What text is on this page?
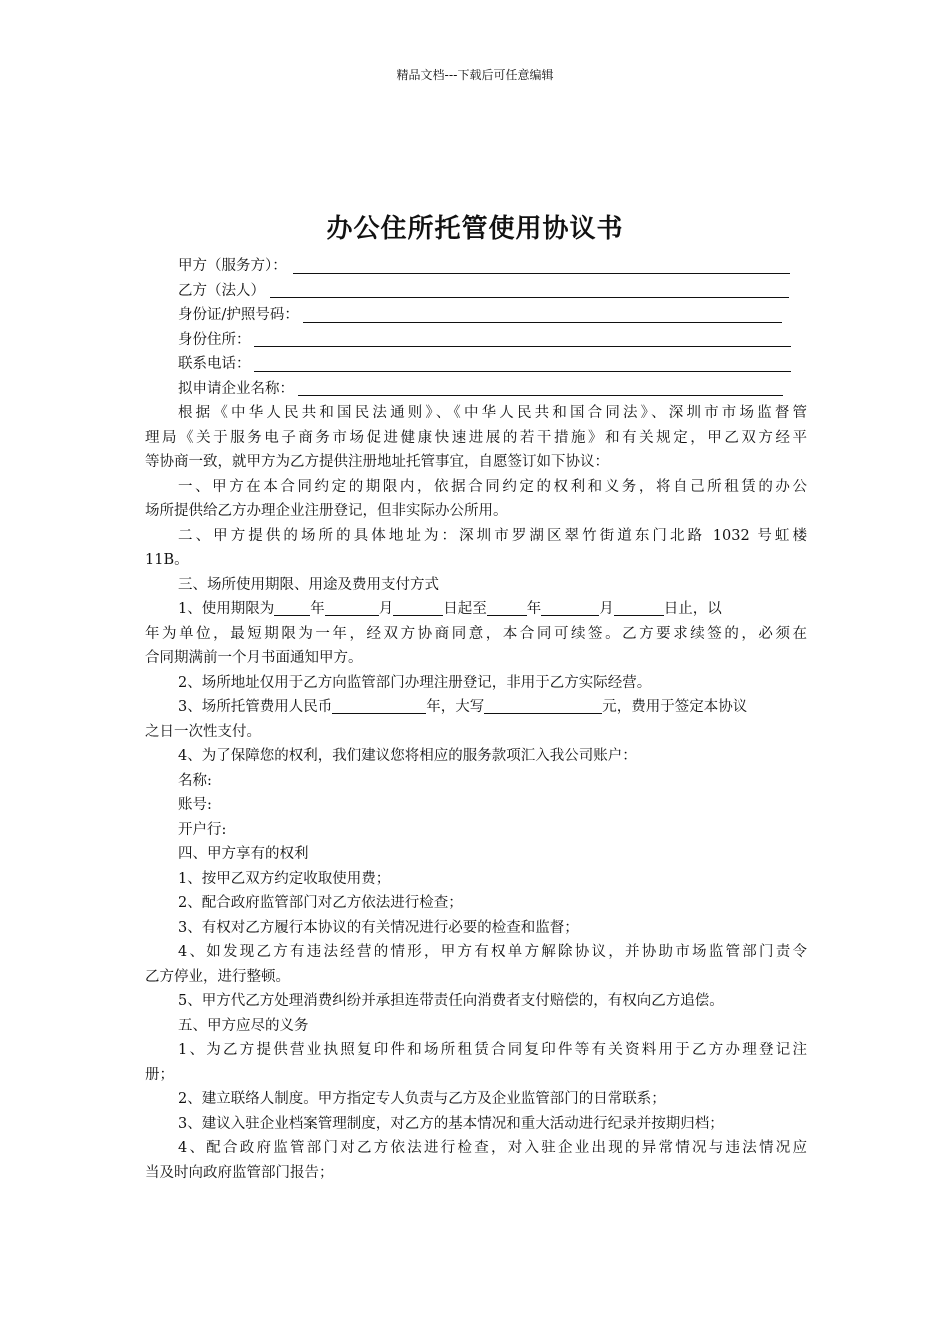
精品文档---下载后可任意编辑
办公住所托管使用协议书
甲方（服务方）：
乙方（法人）
身份证/护照号码：
身份住所：
联系电话：
拟申请企业名称：
根据《中华人民共和国民法通则》、《中华人民共和国合同法》、深圳市市场监督管
理局《关于服务电子商务市场促进健康快速进展的若干措施》和有关规定，甲乙双方经平
等协商一致，就甲方为乙方提供注册地址托管事宜，自愿签订如下协议：
一、甲方在本合同约定的期限内，依据合同约定的权利和义务，将自己所租赁的办公
场所提供给乙方办理企业注册登记，但非实际办公所用。
二、甲方提供的场所的具体地址为：深圳市罗湖区翠竹街道东门北路 1032 号虹楼
11B。
三、场所使用期限、用途及费用支付方式
1、使用期限为 年	月	日起至	年	月	日止，以
年为单位，最短期限为一年，经双方协商同意，本合同可续签。乙方要求续签的，必须在
合同期满前一个月书面通知甲方。
2、场所地址仅用于乙方向监管部门办理注册登记，非用于乙方实际经营。
3、场所托管费用人民币	年，大写	元，费用于签定本协议
之日一次性支付。
4、为了保障您的权利，我们建议您将相应的服务款项汇入我公司账户：
名称:
账号:
开户行:
四、甲方享有的权利
1、按甲乙双方约定收取使用费；
2、配合政府监管部门对乙方依法进行检查；
3、有权对乙方履行本协议的有关情况进行必要的检查和监督；
4、如发现乙方有违法经营的情形，甲方有权单方解除协议，并协助市场监管部门责令
乙方停业，进行整顿。
5、甲方代乙方处理消费纠纷并承担连带责任向消费者支付赔偿的，有权向乙方追偿。
五、甲方应尽的义务
1、为乙方提供营业执照复印件和场所租赁合同复印件等有关资料用于乙方办理登记注
册；
2、建立联络人制度。甲方指定专人负责与乙方及企业监管部门的日常联系；
3、建议入驻企业档案管理制度，对乙方的基本情况和重大活动进行纪录并按期归档；
4、配合政府监管部门对乙方依法进行检查，对入驻企业出现的异常情况与违法情况应
当及时向政府监管部门报告；
